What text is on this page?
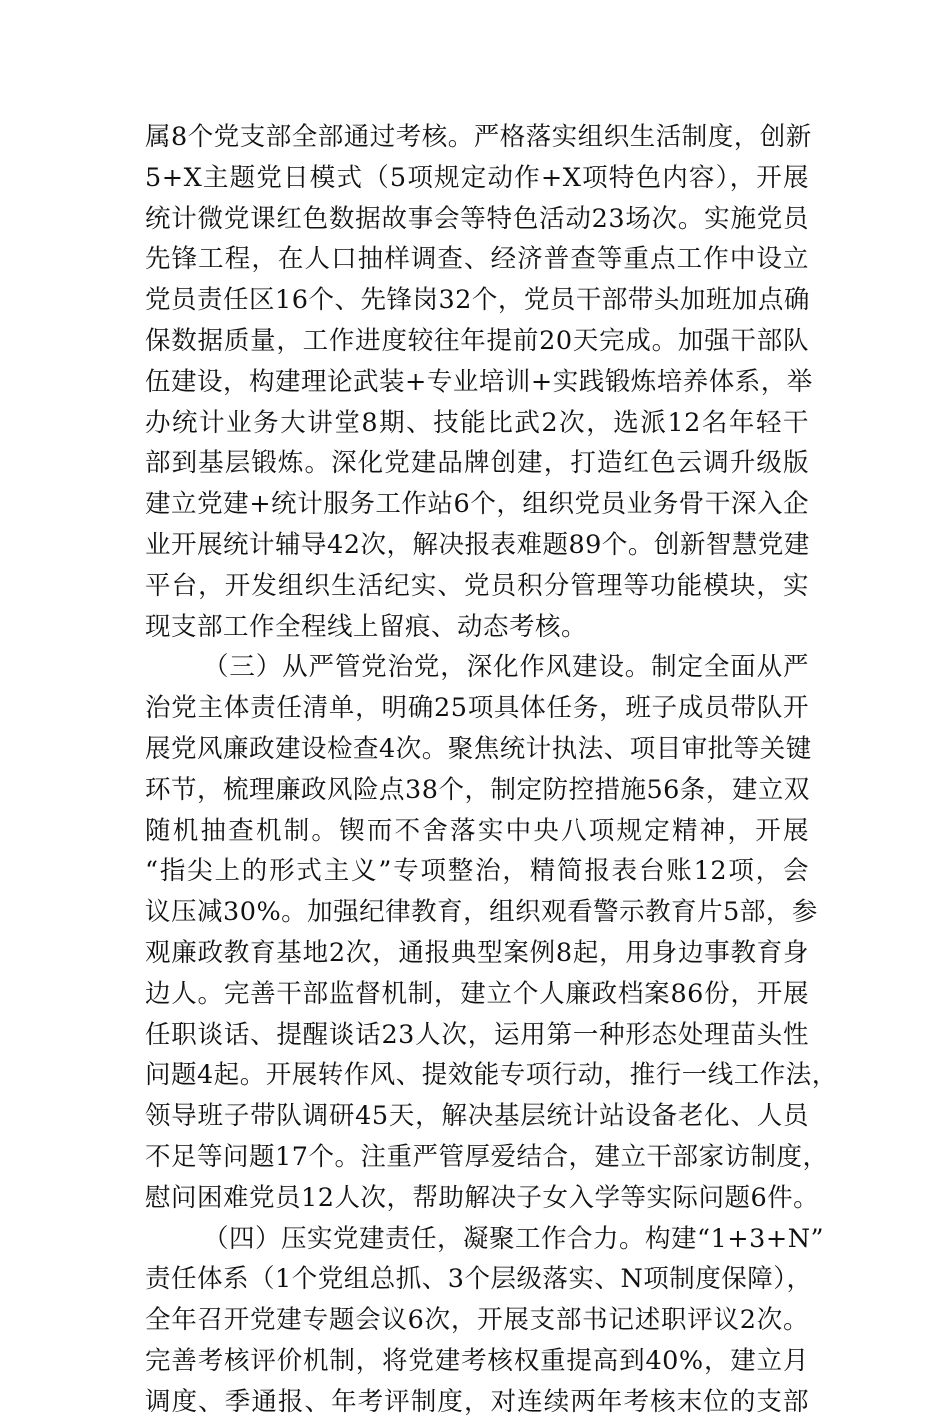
属8个党支部全部通过考核。严格落实组织生活制度，创新
5+X主题党日模式（5项规定动作+X项特色内容），开展
统计微党课红色数据故事会等特色活动23场次。实施党员
先锋工程，在人口抽样调查、经济普查等重点工作中设立
党员责任区16个、先锋岗32个，党员干部带头加班加点确
保数据质量，工作进度较往年提前20天完成。加强干部队
伍建设，构建理论武装+专业培训+实践锻炼培养体系，举
办统计业务大讲堂8期、技能比武2次，选派12名年轻干
部到基层锻炼。深化党建品牌创建，打造红色云调升级版
建立党建+统计服务工作站6个，组织党员业务骨干深入企
业开展统计辅导42次，解决报表难题89个。创新智慧党建
平台，开发组织生活纪实、党员积分管理等功能模块，实
现支部工作全程线上留痕、动态考核。
（三）从严管党治党，深化作风建设。制定全面从严
治党主体责任清单，明确25项具体任务，班子成员带队开
展党风廉政建设检查4次。聚焦统计执法、项目审批等关键
环节，梳理廉政风险点38个，制定防控措施56条，建立双
随机抽查机制。锲而不舍落实中央八项规定精神，开展
“指尖上的形式主义”专项整治，精简报表台账12项，会
议压减30%。加强纪律教育，组织观看警示教育片5部，参
观廉政教育基地2次，通报典型案例8起，用身边事教育身
边人。完善干部监督机制，建立个人廉政档案86份，开展
任职谈话、提醒谈话23人次，运用第一种形态处理苗头性
问题4起。开展转作风、提效能专项行动，推行一线工作法，
领导班子带队调研45天，解决基层统计站设备老化、人员
不足等问题17个。注重严管厚爱结合，建立干部家访制度，
慰问困难党员12人次，帮助解决子女入学等实际问题6件。
（四）压实党建责任，凝聚工作合力。构建“1+3+N”
责任体系（1个党组总抓、3个层级落实、N项制度保障），
全年召开党建专题会议6次，开展支部书记述职评议2次。
完善考核评价机制，将党建考核权重提高到40%，建立月
调度、季通报、年考评制度，对连续两年考核末位的支部
